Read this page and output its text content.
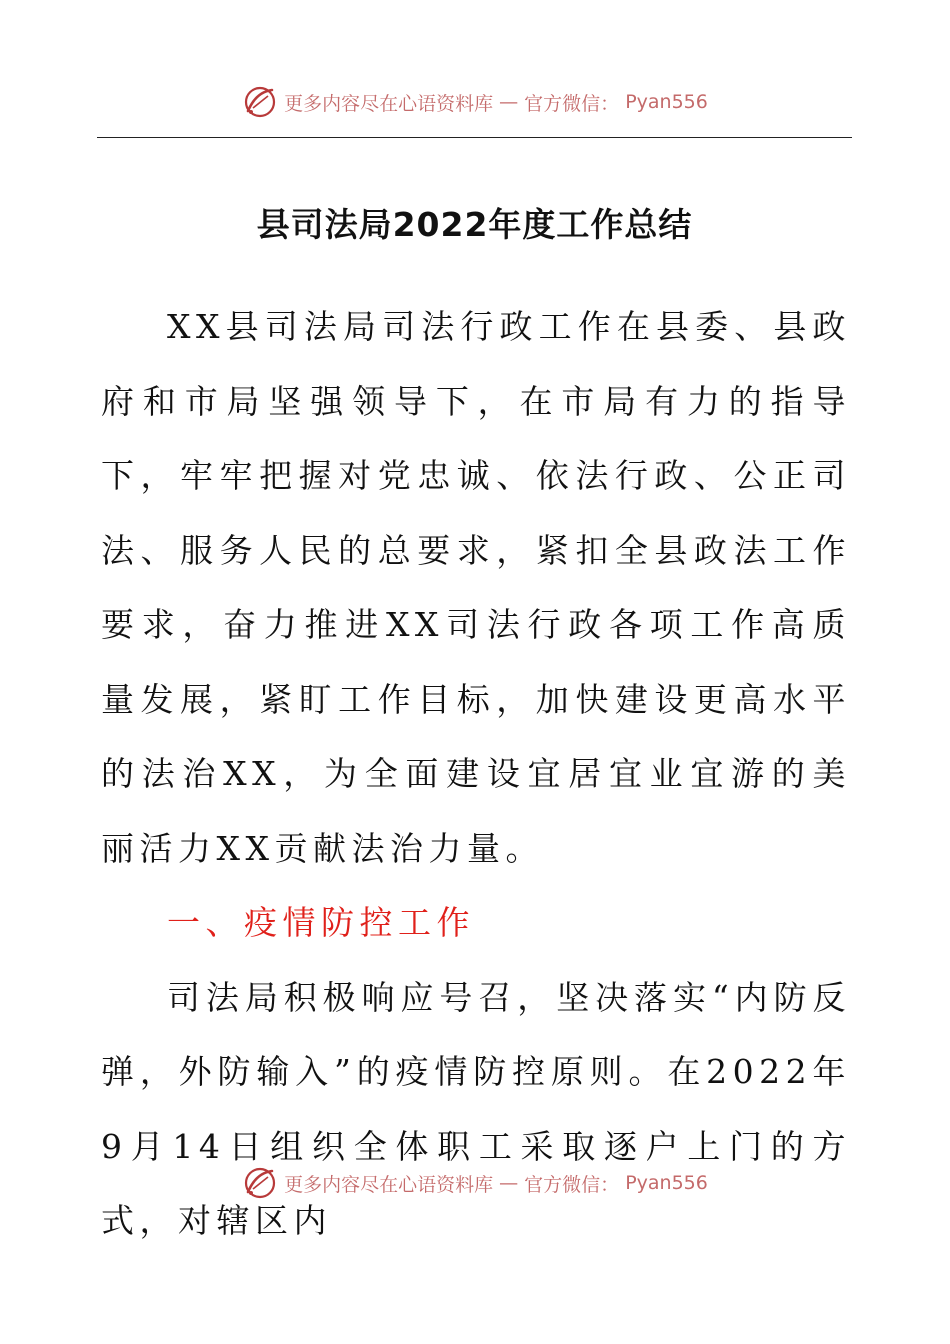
更多内容尽在心语资料库 — 官方微信： Pyan556
县司法局2022年度工作总结

XX县司法局司法行政工作在县委、县政府和市局坚强领导下，在市局有力的指导下，牢牢把握对党忠诚、依法行政、公正司法、服务人民的总要求，紧扣全县政法工作要求，奋力推进XX司法行政各项工作高质量发展，紧盯工作目标，加快建设更高水平的法治XX，为全面建设宜居宜业宜游的美丽活力XX贡献法治力量。

一、疫情防控工作

司法局积极响应号召，坚决落实“内防反弹，外防输入”的疫情防控原则。在2022年9月14日组织全体职工采取逐户上门的方式，对辖区内

更多内容尽在心语资料库 — 官方微信： Pyan556
